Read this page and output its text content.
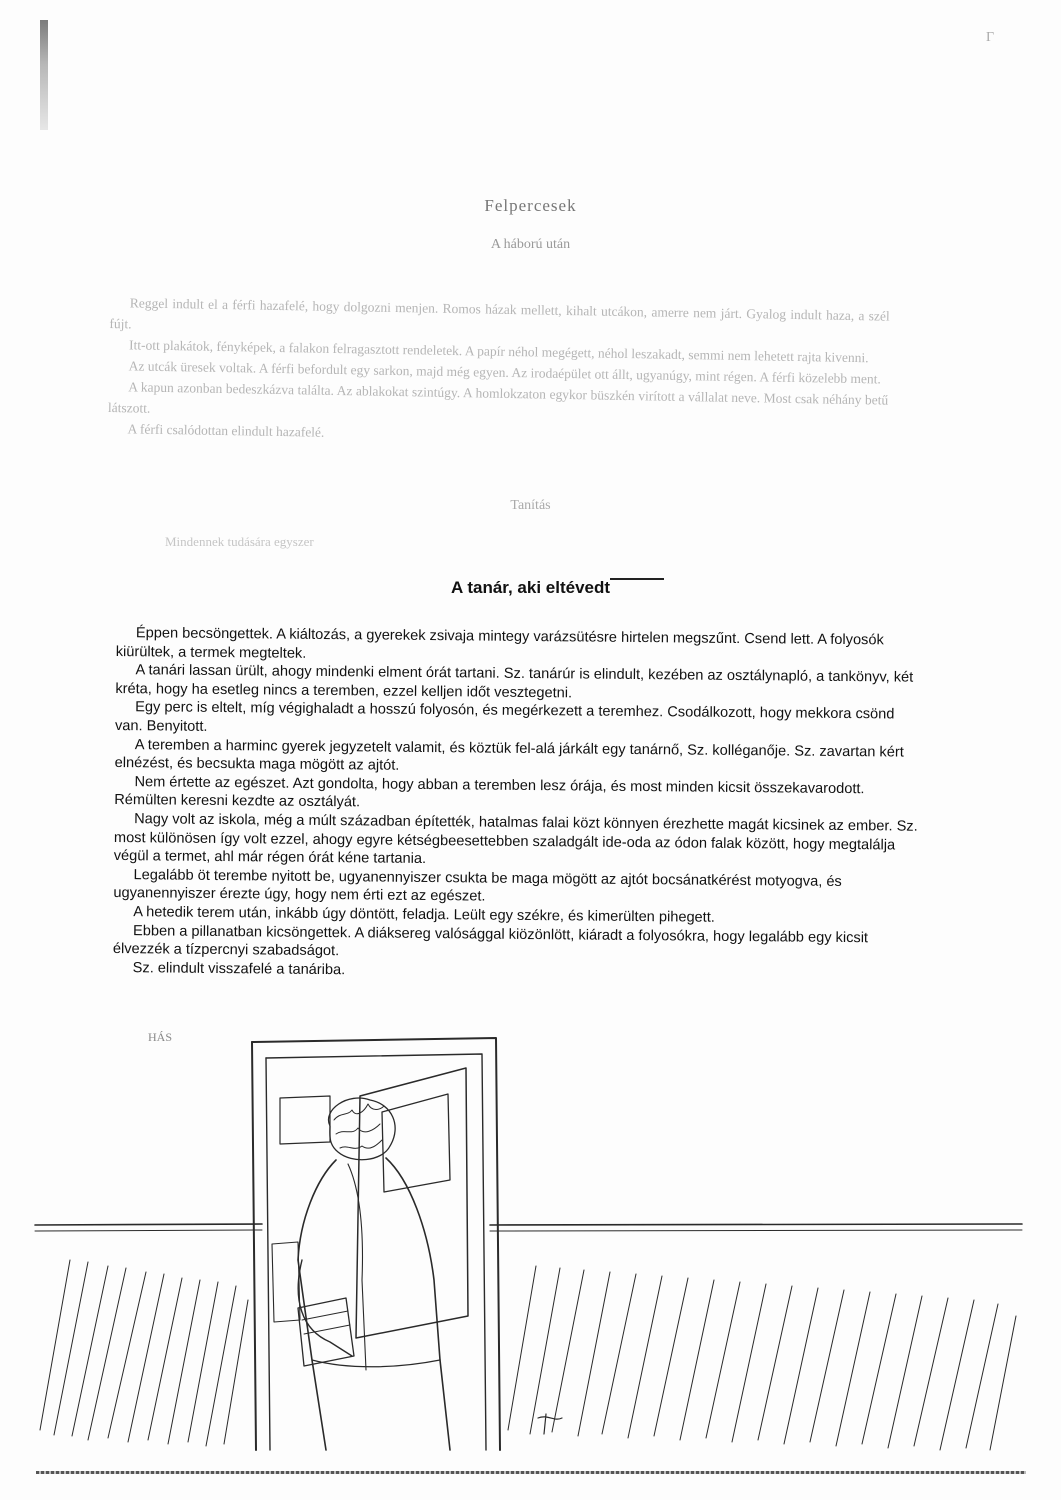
Г
Felpercesek
A háború után

Reggel indult el a férfi hazafelé, hogy dolgozni menjen. Romos házak mellett, kihalt utcákon, amerre nem járt. Gyalog indult haza, a szél fújt.

Itt-ott plakátok, fényképek, a falakon felragasztott rendeletek. A papír néhol megégett, néhol leszakadt, semmi nem lehetett rajta kivenni.

Az utcák üresek voltak. A férfi befordult egy sarkon, majd még egyen. Az irodaépület ott állt, ugyanúgy, mint régen. A férfi közelebb ment.

A kapun azonban bedeszkázva találta. Az ablakokat szintúgy. A homlokzaton egykor büszkén virított a vállalat neve. Most csak néhány betű látszott.

A férfi csalódottan elindult hazafelé.

Tanítás
Mindennek tudására egyszer
A tanár, aki eltévedt

Éppen becsöngettek. A kiáltozás, a gyerekek zsivaja mintegy varázsütésre hirtelen megszűnt. Csend lett. A folyosók kiürültek, a termek megteltek.

A tanári lassan ürült, ahogy mindenki elment órát tartani. Sz. tanárúr is elindult, kezében az osztálynapló, a tankönyv, két kréta, hogy ha esetleg nincs a teremben, ezzel kelljen időt vesztegetni.

Egy perc is eltelt, míg végighaladt a hosszú folyosón, és megérkezett a teremhez. Csodálkozott, hogy mekkora csönd van. Benyitott.

A teremben a harminc gyerek jegyzetelt valamit, és köztük fel-alá járkált egy tanárnő, Sz. kolléganője. Sz. zavartan kért elnézést, és becsukta maga mögött az ajtót.

Nem értette az egészet. Azt gondolta, hogy abban a teremben lesz órája, és most minden kicsit összekavarodott. Rémülten keresni kezdte az osztályát.

Nagy volt az iskola, még a múlt században építették, hatalmas falai közt könnyen érezhette magát kicsinek az ember. Sz. most különösen így volt ezzel, ahogy egyre kétségbeesettebben szaladgált ide-oda az ódon falak között, hogy megtalálja végül a termet, ahl már régen órát kéne tartania.

Legalább öt terembe nyitott be, ugyanennyiszer csukta be maga mögött az ajtót bocsánatkérést motyogva, és ugyanennyiszer érezte úgy, hogy nem érti ezt az egészet.

A hetedik terem után, inkább úgy döntött, feladja. Leült egy székre, és kimerülten pihegett.

Ebben a pillanatban kicsöngettek. A diáksereg valósággal kiözönlött, kiáradt a folyosókra, hogy legalább egy kicsit élvezzék a tízpercnyi szabadságot.

Sz. elindult visszafelé a tanáriba.

HÁS
